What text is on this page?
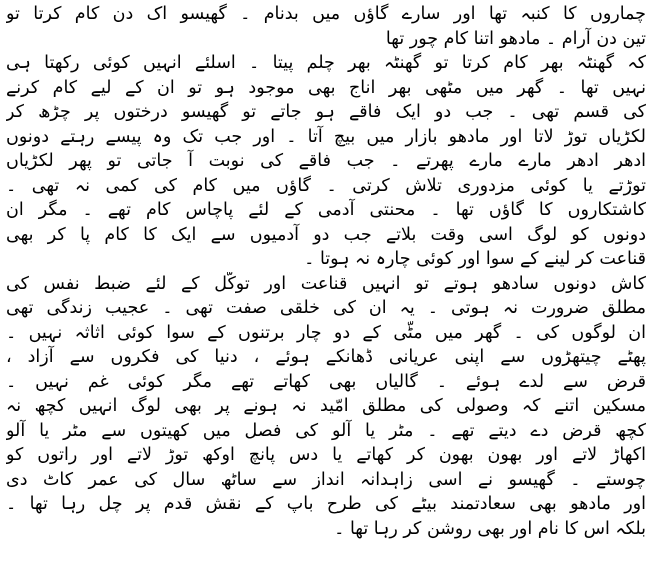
چماروں کا کنبہ تھا اور سارے گاؤں میں بدنام ۔ گھیسو اک دن کام کرتا تو
تین دن آرام ۔ مادھو اتنا کام چور تھا
کہ گھنٹہ بھر کام کرتا تو گھنٹہ بھر چلم پیتا ۔ اسلئے انہیں کوئی رکھتا ہی
نہیں تھا ۔ گھر میں مٹھی بھر اناج بھی موجود ہو تو ان کے لیے کام کرنے
کی قسم تھی ۔ جب دو ایک فاقے ہو جاتے تو گھیسو درختوں پر چڑھ کر
لکڑیاں توڑ لاتا اور مادھو بازار میں بیچ آتا ۔ اور جب تک وہ پیسے رہتے دونوں
ادھر ادھر مارے مارے پھرتے ۔ جب فاقے کی نوبت آ جاتی تو پھر لکڑیاں
توڑتے یا کوئی مزدوری تلاش کرتی ۔ گاؤں میں کام کی کمی نہ تھی ۔
کاشتکاروں کا گاؤں تھا ۔ محنتی آدمی کے لئے پاچاس کام تھے ۔ مگر ان
دونوں کو لوگ اسی وقت بلاتے جب دو آدمیوں سے ایک کا کام پا کر بھی
قناعت کر لینے کے سوا اور کوئی چارہ نہ ہوتا ۔
کاش دونوں سادھو ہوتے تو انہیں قناعت اور توکّل کے لئے ضبط نفس کی
مطلق ضرورت نہ ہوتی ۔ یہ ان کی خلقی صفت تھی ۔ عجیب زندگی تھی
ان لوگوں کی ۔ گھر میں مٹّی کے دو چار برتنوں کے سوا کوئی اثاثہ نہیں ۔
پھٹے چیتھڑوں سے اپنی عریانی ڈھانکے ہوئے ، دنیا کی فکروں سے آزاد ،
قرض سے لدے ہوئے ۔ گالیاں بھی کھاتے تھے مگر کوئی غم نہیں ۔
مسکین اتنے کہ وصولی کی مطلق امّید نہ ہونے پر بھی لوگ انہیں کچھ نہ
کچھ قرض دے دیتے تھے ۔ مٹر یا آلو کی فصل میں کھیتوں سے مٹر یا آلو
اکھاڑ لاتے اور بھون بھون کر کھاتے یا دس پانچ اوکھ توڑ لاتے اور راتوں کو
چوستے ۔ گھیسو نے اسی زاہدانہ انداز سے ساٹھ سال کی عمر کاٹ دی
اور مادھو بھی سعادتمند بیٹے کی طرح باپ کے نقش قدم پر چل رہا تھا ۔
بلکہ اس کا نام اور بھی روشن کر رہا تھا ۔
